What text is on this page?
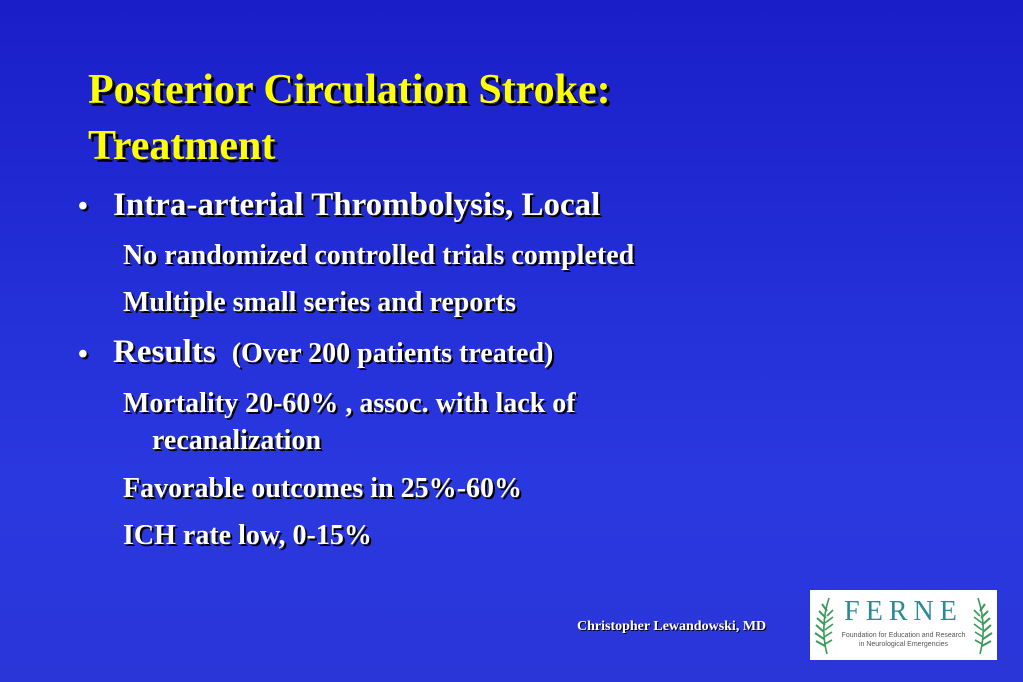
Posterior Circulation Stroke:
Treatment
• Intra-arterial Thrombolysis, Local
No randomized controlled trials completed
Multiple small series and reports
• Results (Over 200 patients treated)
Mortality 20-60% , assoc. with lack of
recanalization
Favorable outcomes in 25%-60%
ICH rate low, 0-15%
Christopher Lewandowski, MD	FERNE
Foundation for Education and Research
in Neurological Emergencies
